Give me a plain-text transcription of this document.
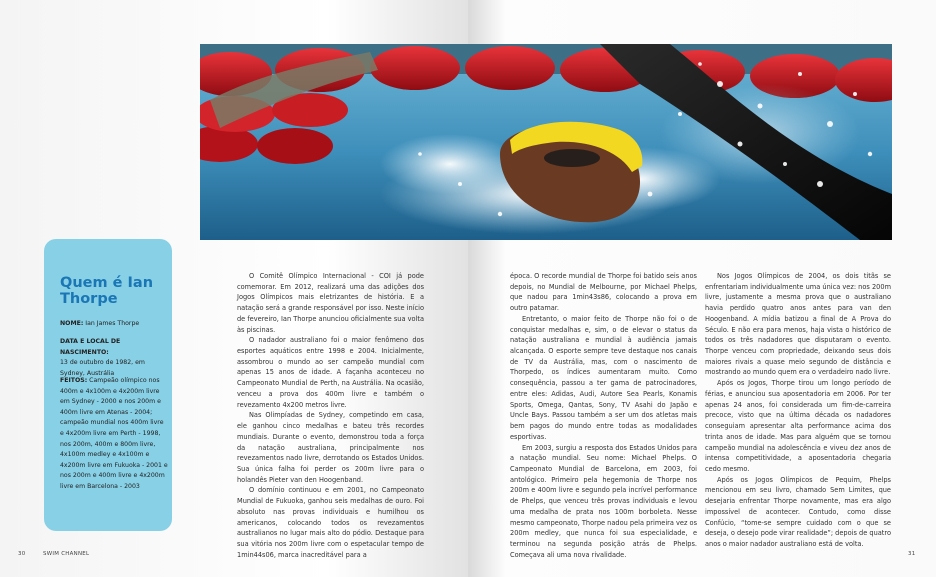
Quem é Ian Thorpe
NOME: Ian James Thorpe
DATA E LOCAL DE NASCIMENTO:
13 de outubro de 1982, em Sydney, Austrália
FEITOS: Campeão olímpico nos 400m e 4x100m e 4x200m livre em Sydney - 2000 e nos 200m e 400m livre em Atenas - 2004; campeão mundial nos 400m livre e 4x200m livre em Perth - 1998, nos 200m, 400m e 800m livre, 4x100m medley e 4x100m e 4x200m livre em Fukuoka - 2001 e nos 200m e 400m livre e 4x200m livre em Barcelona - 2003

O Comitê Olímpico Internacional - COI já pode comemorar. Em 2012, realizará uma das adições dos Jogos Olímpicos mais eletrizantes de história. E a natação será a grande responsável por isso. Neste início de fevereiro, Ian Thorpe anunciou oficialmente sua volta às piscinas.

O nadador australiano foi o maior fenômeno dos esportes aquáticos entre 1998 e 2004. Inicialmente, assombrou o mundo ao ser campeão mundial com apenas 15 anos de idade. A façanha aconteceu no Campeonato Mundial de Perth, na Austrália. Na ocasião, venceu a prova dos 400m livre e também o revezamento 4x200 metros livre.

Nas Olimpíadas de Sydney, competindo em casa, ele ganhou cinco medalhas e bateu três recordes mundiais. Durante o evento, demonstrou toda a força da natação australiana, principalmente nos revezamentos nado livre, derrotando os Estados Unidos. Sua única falha foi perder os 200m livre para o holandês Pieter van den Hoogenband.

O domínio continuou e em 2001, no Campeonato Mundial de Fukuoka, ganhou seis medalhas de ouro. Foi absoluto nas provas individuais e humilhou os americanos, colocando todos os revezamentos australianos no lugar mais alto do pódio. Destaque para sua vitória nos 200m livre com o espetacular tempo de 1min44s06, marca inacreditável para a

época. O recorde mundial de Thorpe foi batido seis anos depois, no Mundial de Melbourne, por Michael Phelps, que nadou para 1min43s86, colocando a prova em outro patamar.

Entretanto, o maior feito de Thorpe não foi o de conquistar medalhas e, sim, o de elevar o status da natação australiana e mundial à audiência jamais alcançada. O esporte sempre teve destaque nos canais de TV da Austrália, mas, com o nascimento de Thorpedo, os índices aumentaram muito. Como consequência, passou a ter gama de patrocinadores, entre eles: Adidas, Audi, Autore Sea Pearls, Konamis Sports, Omega, Qantas, Sony, TV Asahi do Japão e Uncle Bays. Passou também a ser um dos atletas mais bem pagos do mundo entre todas as modalidades esportivas.

Em 2003, surgiu a resposta dos Estados Unidos para a natação mundial. Seu nome: Michael Phelps. O Campeonato Mundial de Barcelona, em 2003, foi antológico. Primeiro pela hegemonia de Thorpe nos 200m e 400m livre e segundo pela incrível performance de Phelps, que venceu três provas individuais e levou uma medalha de prata nos 100m borboleta. Nesse mesmo campeonato, Thorpe nadou pela primeira vez os 200m medley, que nunca foi sua especialidade, e terminou na segunda posição atrás de Phelps. Começava ali uma nova rivalidade.

Nos Jogos Olímpicos de 2004, os dois titãs se enfrentariam individualmente uma única vez: nos 200m livre, justamente a mesma prova que o australiano havia perdido quatro anos antes para van den Hoogenband. A mídia batizou a final de A Prova do Século. E não era para menos, haja vista o histórico de todos os três nadadores que disputaram o evento. Thorpe venceu com propriedade, deixando seus dois maiores rivais a quase meio segundo de distância e mostrando ao mundo quem era o verdadeiro nado livre.

Após os Jogos, Thorpe tirou um longo período de férias, e anunciou sua aposentadoria em 2006. Por ter apenas 24 anos, foi considerada um fim-de-carreira precoce, visto que na última década os nadadores conseguiam apresentar alta performance acima dos trinta anos de idade. Mas para alguém que se tornou campeão mundial na adolescência e viveu dez anos de intensa competitividade, a aposentadoria chegaria cedo mesmo.

Após os Jogos Olímpicos de Pequim, Phelps mencionou em seu livro, chamado Sem Limites, que desejaria enfrentar Thorpe novamente, mas era algo impossível de acontecer. Contudo, como disse Confúcio, “tome-se sempre cuidado com o que se deseja, o desejo pode virar realidade”; depois de quatro anos o maior nadador australiano está de volta.

30	SWIM CHANNEL	31
